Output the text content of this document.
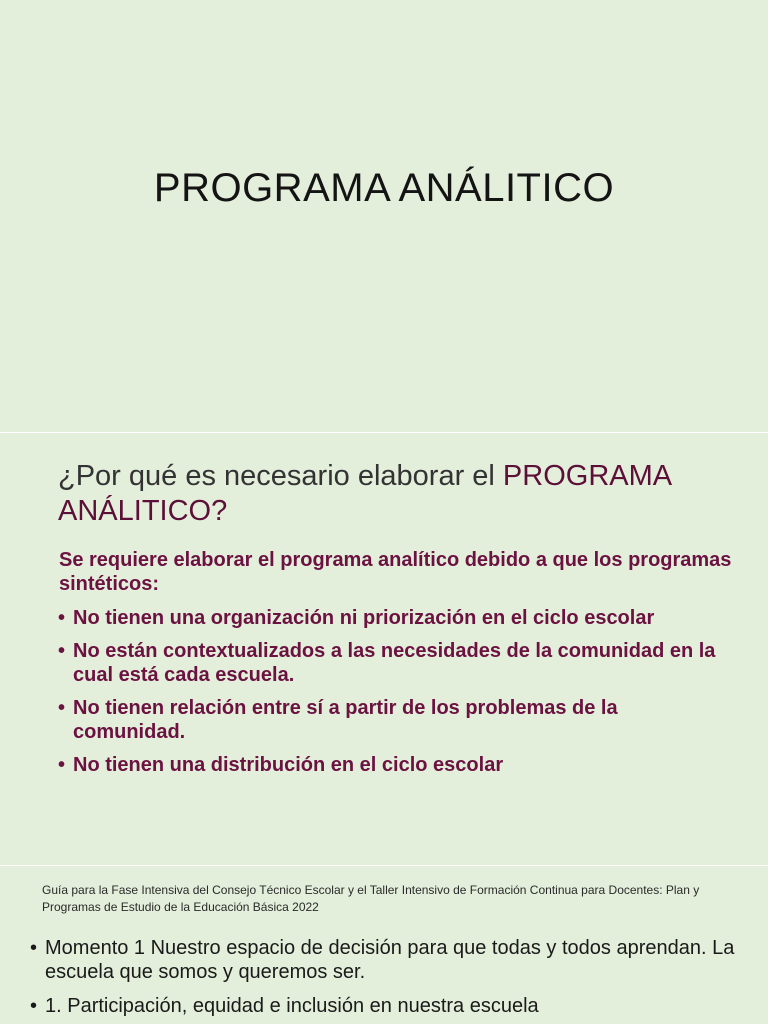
PROGRAMA ANÁLITICO
¿Por qué es necesario elaborar el PROGRAMA ANÁLITICO?
Se requiere elaborar el programa analítico debido a que los programas sintéticos:
• No tienen una organización ni priorización en el ciclo escolar
• No están contextualizados a las necesidades de la comunidad en la cual está cada escuela.
• No tienen relación entre sí a partir de los problemas de la comunidad.
• No tienen una distribución en el ciclo escolar
Guía para la Fase Intensiva del Consejo Técnico Escolar y el Taller Intensivo de Formación Continua para Docentes: Plan y Programas de Estudio de la Educación Básica 2022
• Momento 1 Nuestro espacio de decisión para que todas y todos aprendan. La escuela que somos y queremos ser.
• 1. Participación, equidad e inclusión en nuestra escuela
